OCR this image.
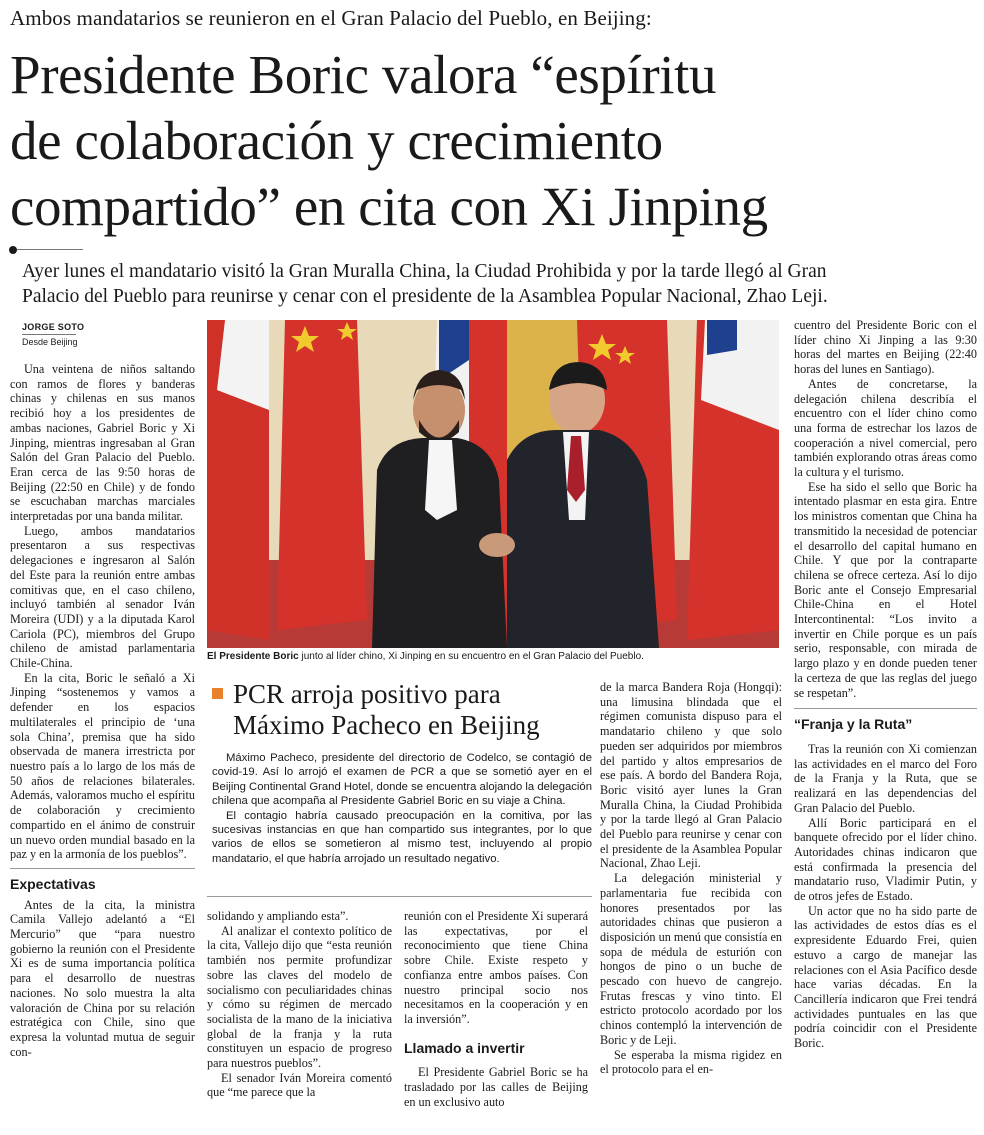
Ambos mandatarios se reunieron en el Gran Palacio del Pueblo, en Beijing:
Presidente Boric valora “espíritu
de colaboración y crecimiento
compartido” en cita con Xi Jinping
Ayer lunes el mandatario visitó la Gran Muralla China, la Ciudad Prohibida y por la tarde llegó al Gran
Palacio del Pueblo para reunirse y cenar con el presidente de la Asamblea Popular Nacional, Zhao Leji.
JORGE SOTO
Desde Beijing

Una veintena de niños saltando con ramos de flores y banderas chinas y chilenas en sus manos recibió hoy a los presidentes de ambas naciones, Gabriel Boric y Xi Jinping, mientras ingresaban al Gran Salón del Gran Palacio del Pueblo. Eran cerca de las 9:50 horas de Beijing (22:50 en Chile) y de fondo se escuchaban marchas marciales interpretadas por una banda militar.

Luego, ambos mandatarios presentaron a sus respectivas delegaciones e ingresaron al Salón del Este para la reunión entre ambas comitivas que, en el caso chileno, incluyó también al senador Iván Moreira (UDI) y a la diputada Karol Cariola (PC), miembros del Grupo chileno de amistad parlamentaria Chile-China.

En la cita, Boric le señaló a Xi Jinping “sostenemos y vamos a defender en los espacios multilaterales el principio de ‘una sola China’, premisa que ha sido observada de manera irrestricta por nuestro país a lo largo de los más de 50 años de relaciones bilaterales. Además, valoramos mucho el espíritu de colaboración y crecimiento compartido en el ánimo de construir un nuevo orden mundial basado en la paz y en la armonía de los pueblos”.

Expectativas

Antes de la cita, la ministra Camila Vallejo adelantó a “El Mercurio” que “para nuestro gobierno la reunión con el Presidente Xi es de suma importancia política para el desarrollo de nuestras naciones. No solo muestra la alta valoración de China por su relación estratégica con Chile, sino que expresa la voluntad mutua de seguir con-

El Presidente Boric junto al líder chino, Xi Jinping en su encuentro en el Gran Palacio del Pueblo.
PCR arroja positivo para
Máximo Pacheco en Beijing

Máximo Pacheco, presidente del directorio de Codelco, se contagió de covid-19. Así lo arrojó el examen de PCR a que se sometió ayer en el Beijing Continental Grand Hotel, donde se encuentra alojando la delegación chilena que acompaña al Presidente Gabriel Boric en su viaje a China.

El contagio habría causado preocupación en la comitiva, por las sucesivas instancias en que han compartido sus integrantes, por lo que varios de ellos se sometieron al mismo test, incluyendo al propio mandatario, el que habría arrojado un resultado negativo.

solidando y ampliando esta”.

Al analizar el contexto político de la cita, Vallejo dijo que “esta reunión también nos permite profundizar sobre las claves del modelo de socialismo con peculiaridades chinas y cómo su régimen de mercado socialista de la mano de la iniciativa global de la franja y la ruta constituyen un espacio de progreso para nuestros pueblos”.

El senador Iván Moreira comentó que “me parece que la

reunión con el Presidente Xi superará las expectativas, por el reconocimiento que tiene China sobre Chile. Existe respeto y confianza entre ambos países. Con nuestro principal socio nos necesitamos en la cooperación y en la inversión”.

Llamado a invertir

El Presidente Gabriel Boric se ha trasladado por las calles de Beijing en un exclusivo auto

de la marca Bandera Roja (Hongqi): una limusina blindada que el régimen comunista dispuso para el mandatario chileno y que solo pueden ser adquiridos por miembros del partido y altos empresarios de ese país. A bordo del Bandera Roja, Boric visitó ayer lunes la Gran Muralla China, la Ciudad Prohibida y por la tarde llegó al Gran Palacio del Pueblo para reunirse y cenar con el presidente de la Asamblea Popular Nacional, Zhao Leji.

La delegación ministerial y parlamentaria fue recibida con honores presentados por las autoridades chinas que pusieron a disposición un menú que consistía en sopa de médula de esturión con hongos de pino o un buche de pescado con huevo de cangrejo. Frutas frescas y vino tinto. El estricto protocolo acordado por los chinos contempló la intervención de Boric y de Leji.

Se esperaba la misma rigidez en el protocolo para el en-

cuentro del Presidente Boric con el líder chino Xi Jinping a las 9:30 horas del martes en Beijing (22:40 horas del lunes en Santiago).

Antes de concretarse, la delegación chilena describía el encuentro con el líder chino como una forma de estrechar los lazos de cooperación a nivel comercial, pero también explorando otras áreas como la cultura y el turismo.

Ese ha sido el sello que Boric ha intentado plasmar en esta gira. Entre los ministros comentan que China ha transmitido la necesidad de potenciar el desarrollo del capital humano en Chile. Y que por la contraparte chilena se ofrece certeza. Así lo dijo Boric ante el Consejo Empresarial Chile-China en el Hotel Intercontinental: “Los invito a invertir en Chile porque es un país serio, responsable, con mirada de largo plazo y en donde pueden tener la certeza de que las reglas del juego se respetan”.

“Franja y la Ruta”

Tras la reunión con Xi comienzan las actividades en el marco del Foro de la Franja y la Ruta, que se realizará en las dependencias del Gran Palacio del Pueblo.

Allí Boric participará en el banquete ofrecido por el líder chino. Autoridades chinas indicaron que está confirmada la presencia del mandatario ruso, Vladimir Putin, y de otros jefes de Estado.

Un actor que no ha sido parte de las actividades de estos días es el expresidente Eduardo Frei, quien estuvo a cargo de manejar las relaciones con el Asia Pacífico desde hace varias décadas. En la Cancillería indicaron que Frei tendrá actividades puntuales en las que podría coincidir con el Presidente Boric.
